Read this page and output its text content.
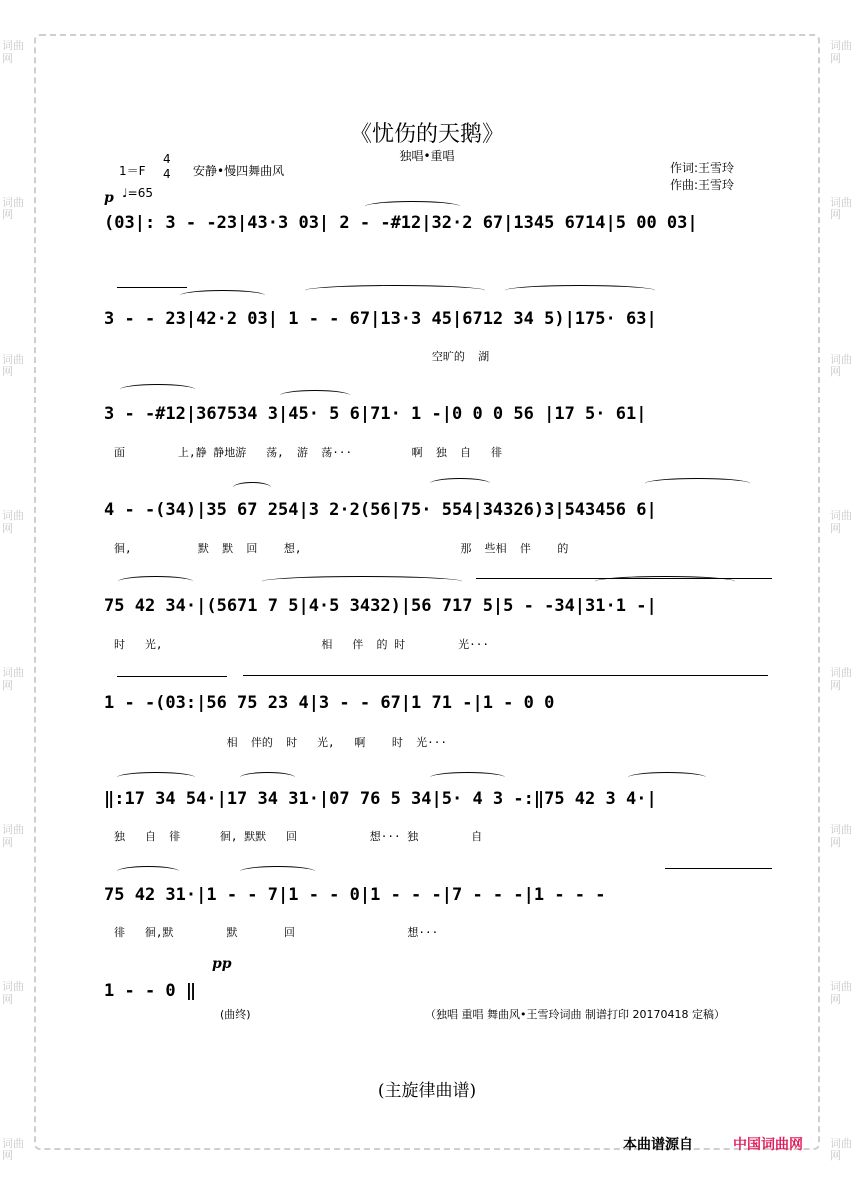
词曲网
词曲网
词曲网
词曲网
词曲网
词曲网
词曲网
词曲网
词曲网
词曲网
词曲网
词曲网
词曲网
词曲网
词曲网
词曲网
《忧伤的天鹅》
独唱•重唱
1＝F
4
4 安静•慢四舞曲风	作词:王雪玲
作曲:王雪玲
p ♩=65
(03|: 3 - -23|43·3 03| 2 - -#12|32·2 67|1345 6714|5 00 03|
3 - - 23|42·2 03| 1 - - 67|13·3 45|6712 34 5)|175· 63|
空旷的  湖
3 - -#12|367534 3|45· 5 6|71· 1 -|0 0 0 56 |17 5· 61|
面        上,静 静地游   荡,  游  荡···         啊  独  自   徘
4 - -(34)|35 67 254|3 2·2(56|75· 554|34326)3|543456 6|
徊,          默  默  回    想,                        那  些相  伴    的
75 42 34·|(5671 7 5|4·5 3432)|56 717 5|5 - -34|31·1 -|
时   光,                        相   伴  的 时        光···
1 - -(03:|56 75 23 4|3 - - 67|1 71 -|1 - 0 0
相  伴的  时   光,   啊    时  光···
‖:17 34 54·|17 34 31·|07 76 5 34|5· 4 3 -:‖75 42 3 4·|
独   自  徘      徊, 默默   回           想··· 独        自
75 42 31·|1 - - 7|1 - - 0|1 - - -|7 - - -|1 - - -
徘   徊,默        默       回                 想···
pp
1 - - 0 ‖
(曲终)	（独唱 重唱 舞曲风•王雪玲词曲 制谱打印 20170418 定稿）
(主旋律曲谱)
本曲谱源自	中国词曲网
